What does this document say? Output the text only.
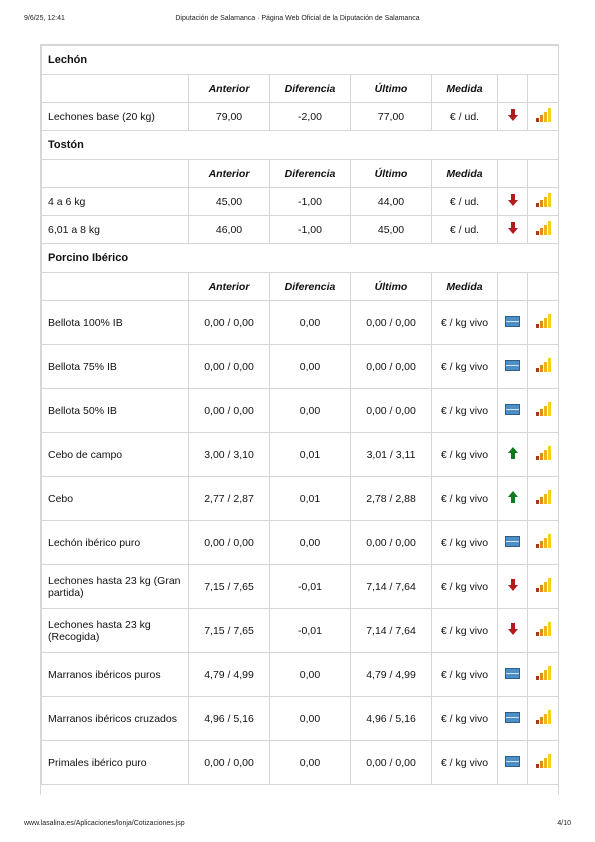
9/6/25, 12:41	Diputación de Salamanca · Página Web Oficial de la Diputación de Salamanca
Lechón						
	Anterior	Diferencia	Último	Medida		
Lechones base (20 kg)	79,00	-2,00	77,00	€ / ud.		

Tostón						
	Anterior	Diferencia	Último	Medida		
4 a 6 kg	45,00	-1,00	44,00	€ / ud.		

6,01 a 8 kg	46,00	-1,00	45,00	€ / ud.		

Porcino Ibérico						
	Anterior	Diferencia	Último	Medida		
Bellota 100% IB	0,00 / 0,00	0,00	0,00 / 0,00	€ / kg vivo		

Bellota 75% IB	0,00 / 0,00	0,00	0,00 / 0,00	€ / kg vivo		

Bellota 50% IB	0,00 / 0,00	0,00	0,00 / 0,00	€ / kg vivo		

Cebo de campo	3,00 / 3,10	0,01	3,01 / 3,11	€ / kg vivo		

Cebo	2,77 / 2,87	0,01	2,78 / 2,88	€ / kg vivo		

Lechón ibérico puro	0,00 / 0,00	0,00	0,00 / 0,00	€ / kg vivo		

Lechones hasta 23 kg (Gran partida)	7,15 / 7,65	-0,01	7,14 / 7,64	€ / kg vivo		

Lechones hasta 23 kg (Recogida)	7,15 / 7,65	-0,01	7,14 / 7,64	€ / kg vivo		

Marranos ibéricos puros	4,79 / 4,99	0,00	4,79 / 4,99	€ / kg vivo		

Marranos ibéricos cruzados	4,96 / 5,16	0,00	4,96 / 5,16	€ / kg vivo		

Primales ibérico puro	0,00 / 0,00	0,00	0,00 / 0,00	€ / kg vivo		
www.lasalina.es/Aplicaciones/lonja/Cotizaciones.jsp	4/10
